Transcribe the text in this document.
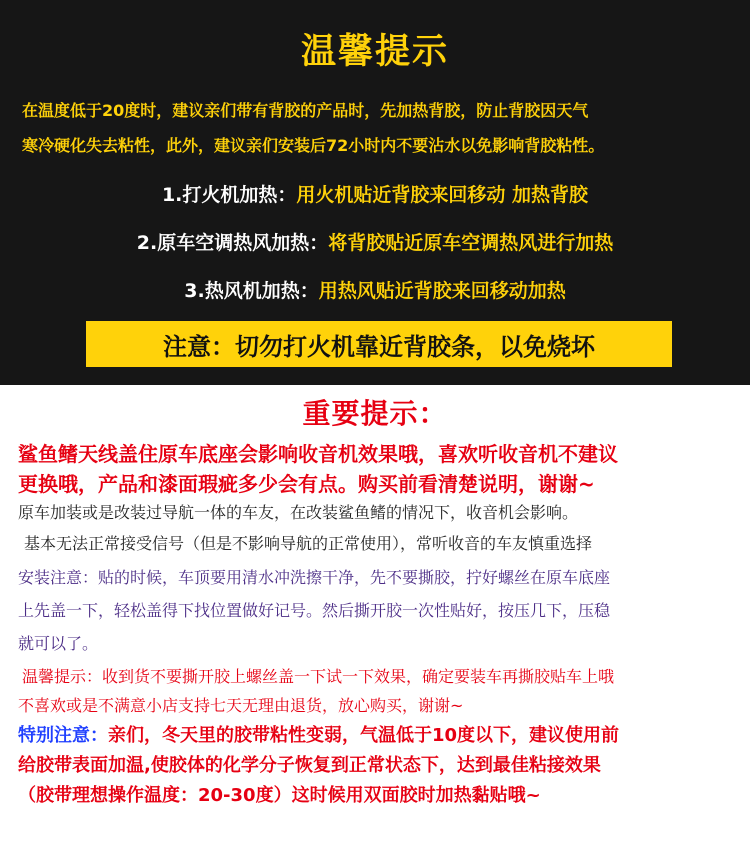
温馨提示
在温度低于20度时，建议亲们带有背胶的产品时，先加热背胶，防止背胶因天气
寒冷硬化失去粘性，此外，建议亲们安装后72小时内不要沾水以免影响背胶粘性。
1.打火机加热：用火机贴近背胶来回移动 加热背胶
2.原车空调热风加热：将背胶贴近原车空调热风进行加热
3.热风机加热：用热风贴近背胶来回移动加热
注意：切勿打火机靠近背胶条，以免烧坏
重要提示：
鲨鱼鳍天线盖住原车底座会影响收音机效果哦，喜欢听收音机不建议
更换哦，产品和漆面瑕疵多少会有点。购买前看清楚说明，谢谢~
原车加装或是改装过导航一体的车友，在改装鲨鱼鳍的情况下，收音机会影响。
基本无法正常接受信号（但是不影响导航的正常使用），常听收音的车友慎重选择
安装注意：贴的时候，车顶要用清水冲洗擦干净，先不要撕胶，拧好螺丝在原车底座
上先盖一下，轻松盖得下找位置做好记号。然后撕开胶一次性贴好，按压几下，压稳
就可以了。
温馨提示：收到货不要撕开胶上螺丝盖一下试一下效果，确定要装车再撕胶贴车上哦
不喜欢或是不满意小店支持七天无理由退货，放心购买，谢谢~
特别注意：亲们，冬天里的胶带粘性变弱，气温低于10度以下，建议使用前
给胶带表面加温,使胶体的化学分子恢复到正常状态下，达到最佳粘接效果
（胶带理想操作温度：20-30度）这时候用双面胶时加热黏贴哦~
